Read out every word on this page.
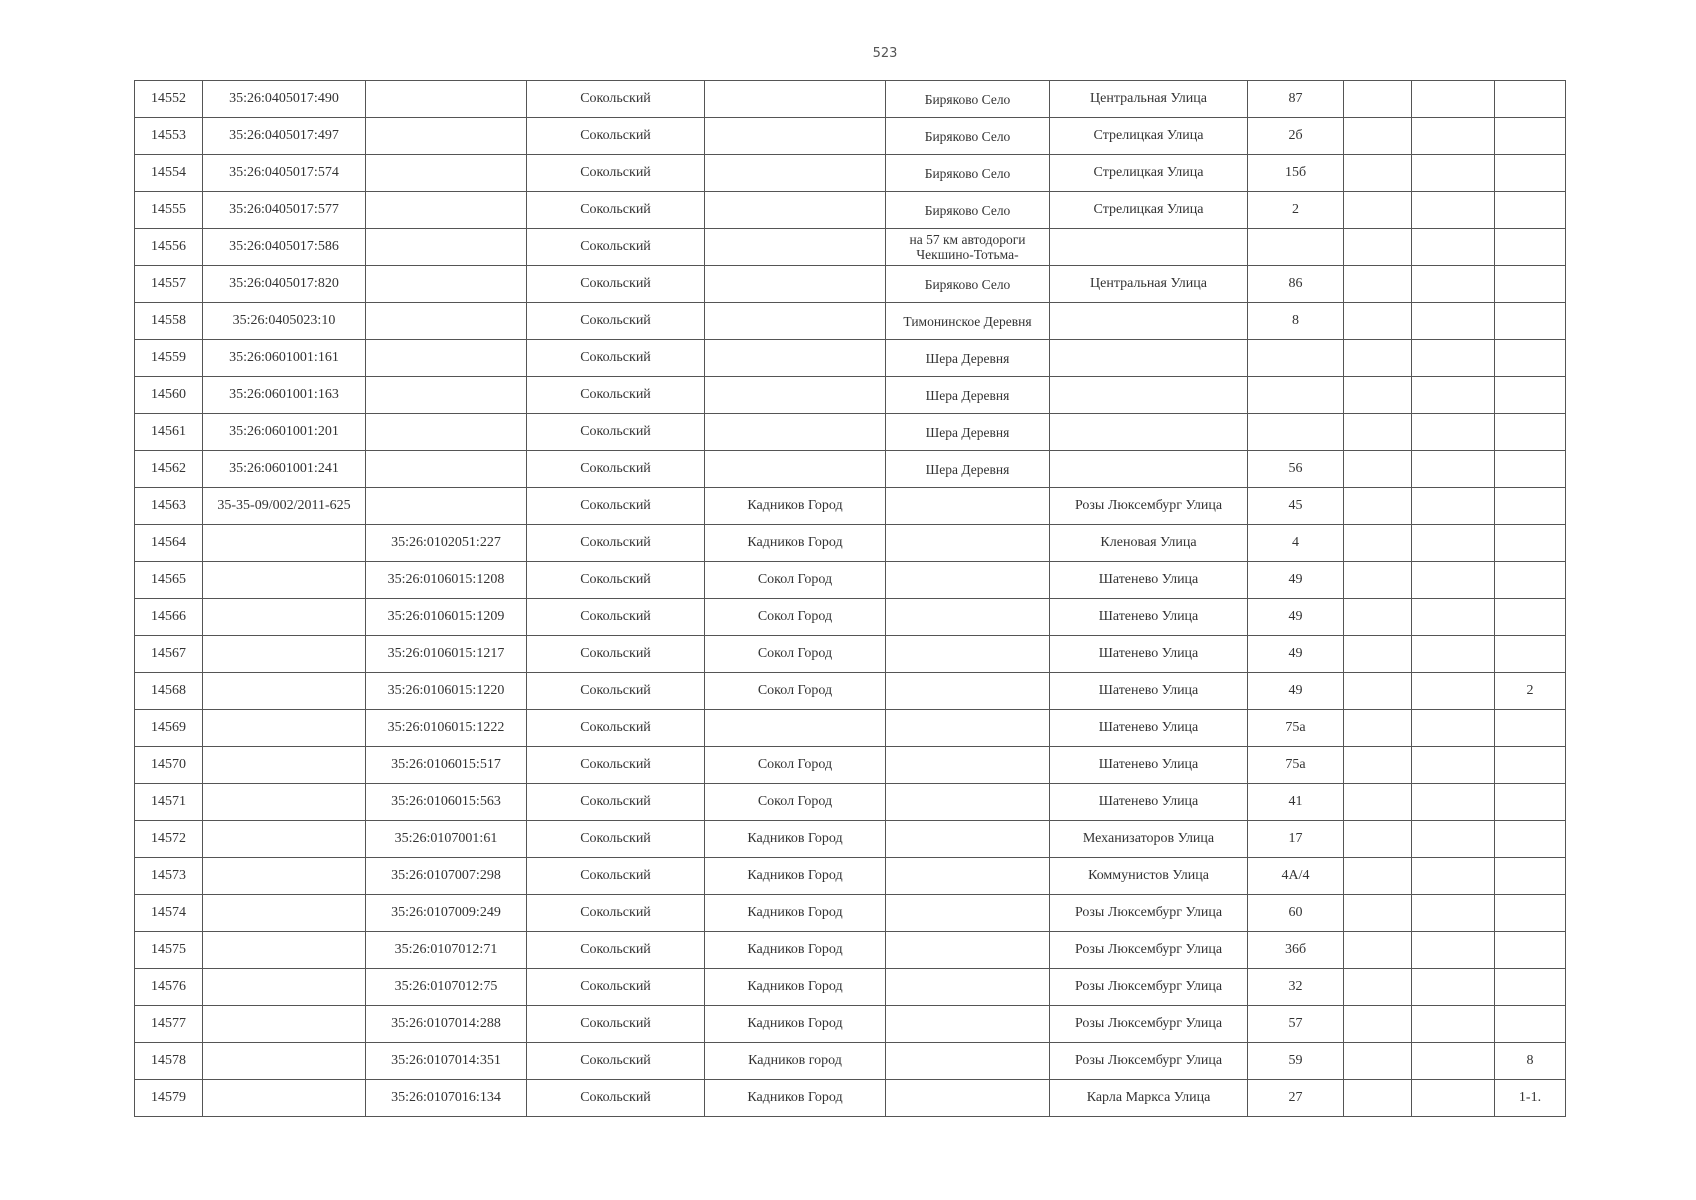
523
14552	35:26:0405017:490		Сокольский		Биряково Село	Центральная Улица	87			
14553	35:26:0405017:497		Сокольский		Биряково Село	Стрелицкая Улица	2б			
14554	35:26:0405017:574		Сокольский		Биряково Село	Стрелицкая Улица	15б			
14555	35:26:0405017:577		Сокольский		Биряково Село	Стрелицкая Улица	2			
14556	35:26:0405017:586		Сокольский		на 57 км автодороги Чекшино-Тотьма-					
14557	35:26:0405017:820		Сокольский		Биряково Село	Центральная Улица	86			
14558	35:26:0405023:10		Сокольский		Тимонинское Деревня		8			
14559	35:26:0601001:161		Сокольский		Шера Деревня					
14560	35:26:0601001:163		Сокольский		Шера Деревня					
14561	35:26:0601001:201		Сокольский		Шера Деревня					
14562	35:26:0601001:241		Сокольский		Шера Деревня		56			
14563	35-35-09/002/2011-625		Сокольский	Кадников Город		Розы Люксембург Улица	45			
14564		35:26:0102051:227	Сокольский	Кадников Город		Кленовая Улица	4			
14565		35:26:0106015:1208	Сокольский	Сокол Город		Шатенево Улица	49			
14566		35:26:0106015:1209	Сокольский	Сокол Город		Шатенево Улица	49			
14567		35:26:0106015:1217	Сокольский	Сокол Город		Шатенево Улица	49			
14568		35:26:0106015:1220	Сокольский	Сокол Город		Шатенево Улица	49			2
14569		35:26:0106015:1222	Сокольский			Шатенево Улица	75а			
14570		35:26:0106015:517	Сокольский	Сокол Город		Шатенево Улица	75а			
14571		35:26:0106015:563	Сокольский	Сокол Город		Шатенево Улица	41			
14572		35:26:0107001:61	Сокольский	Кадников Город		Механизаторов Улица	17			
14573		35:26:0107007:298	Сокольский	Кадников Город		Коммунистов Улица	4А/4			
14574		35:26:0107009:249	Сокольский	Кадников Город		Розы Люксембург Улица	60			
14575		35:26:0107012:71	Сокольский	Кадников Город		Розы Люксембург Улица	36б			
14576		35:26:0107012:75	Сокольский	Кадников Город		Розы Люксембург Улица	32			
14577		35:26:0107014:288	Сокольский	Кадников Город		Розы Люксембург Улица	57			
14578		35:26:0107014:351	Сокольский	Кадников город		Розы Люксембург Улица	59			8
14579		35:26:0107016:134	Сокольский	Кадников Город		Карла Маркса Улица	27			1-1.
